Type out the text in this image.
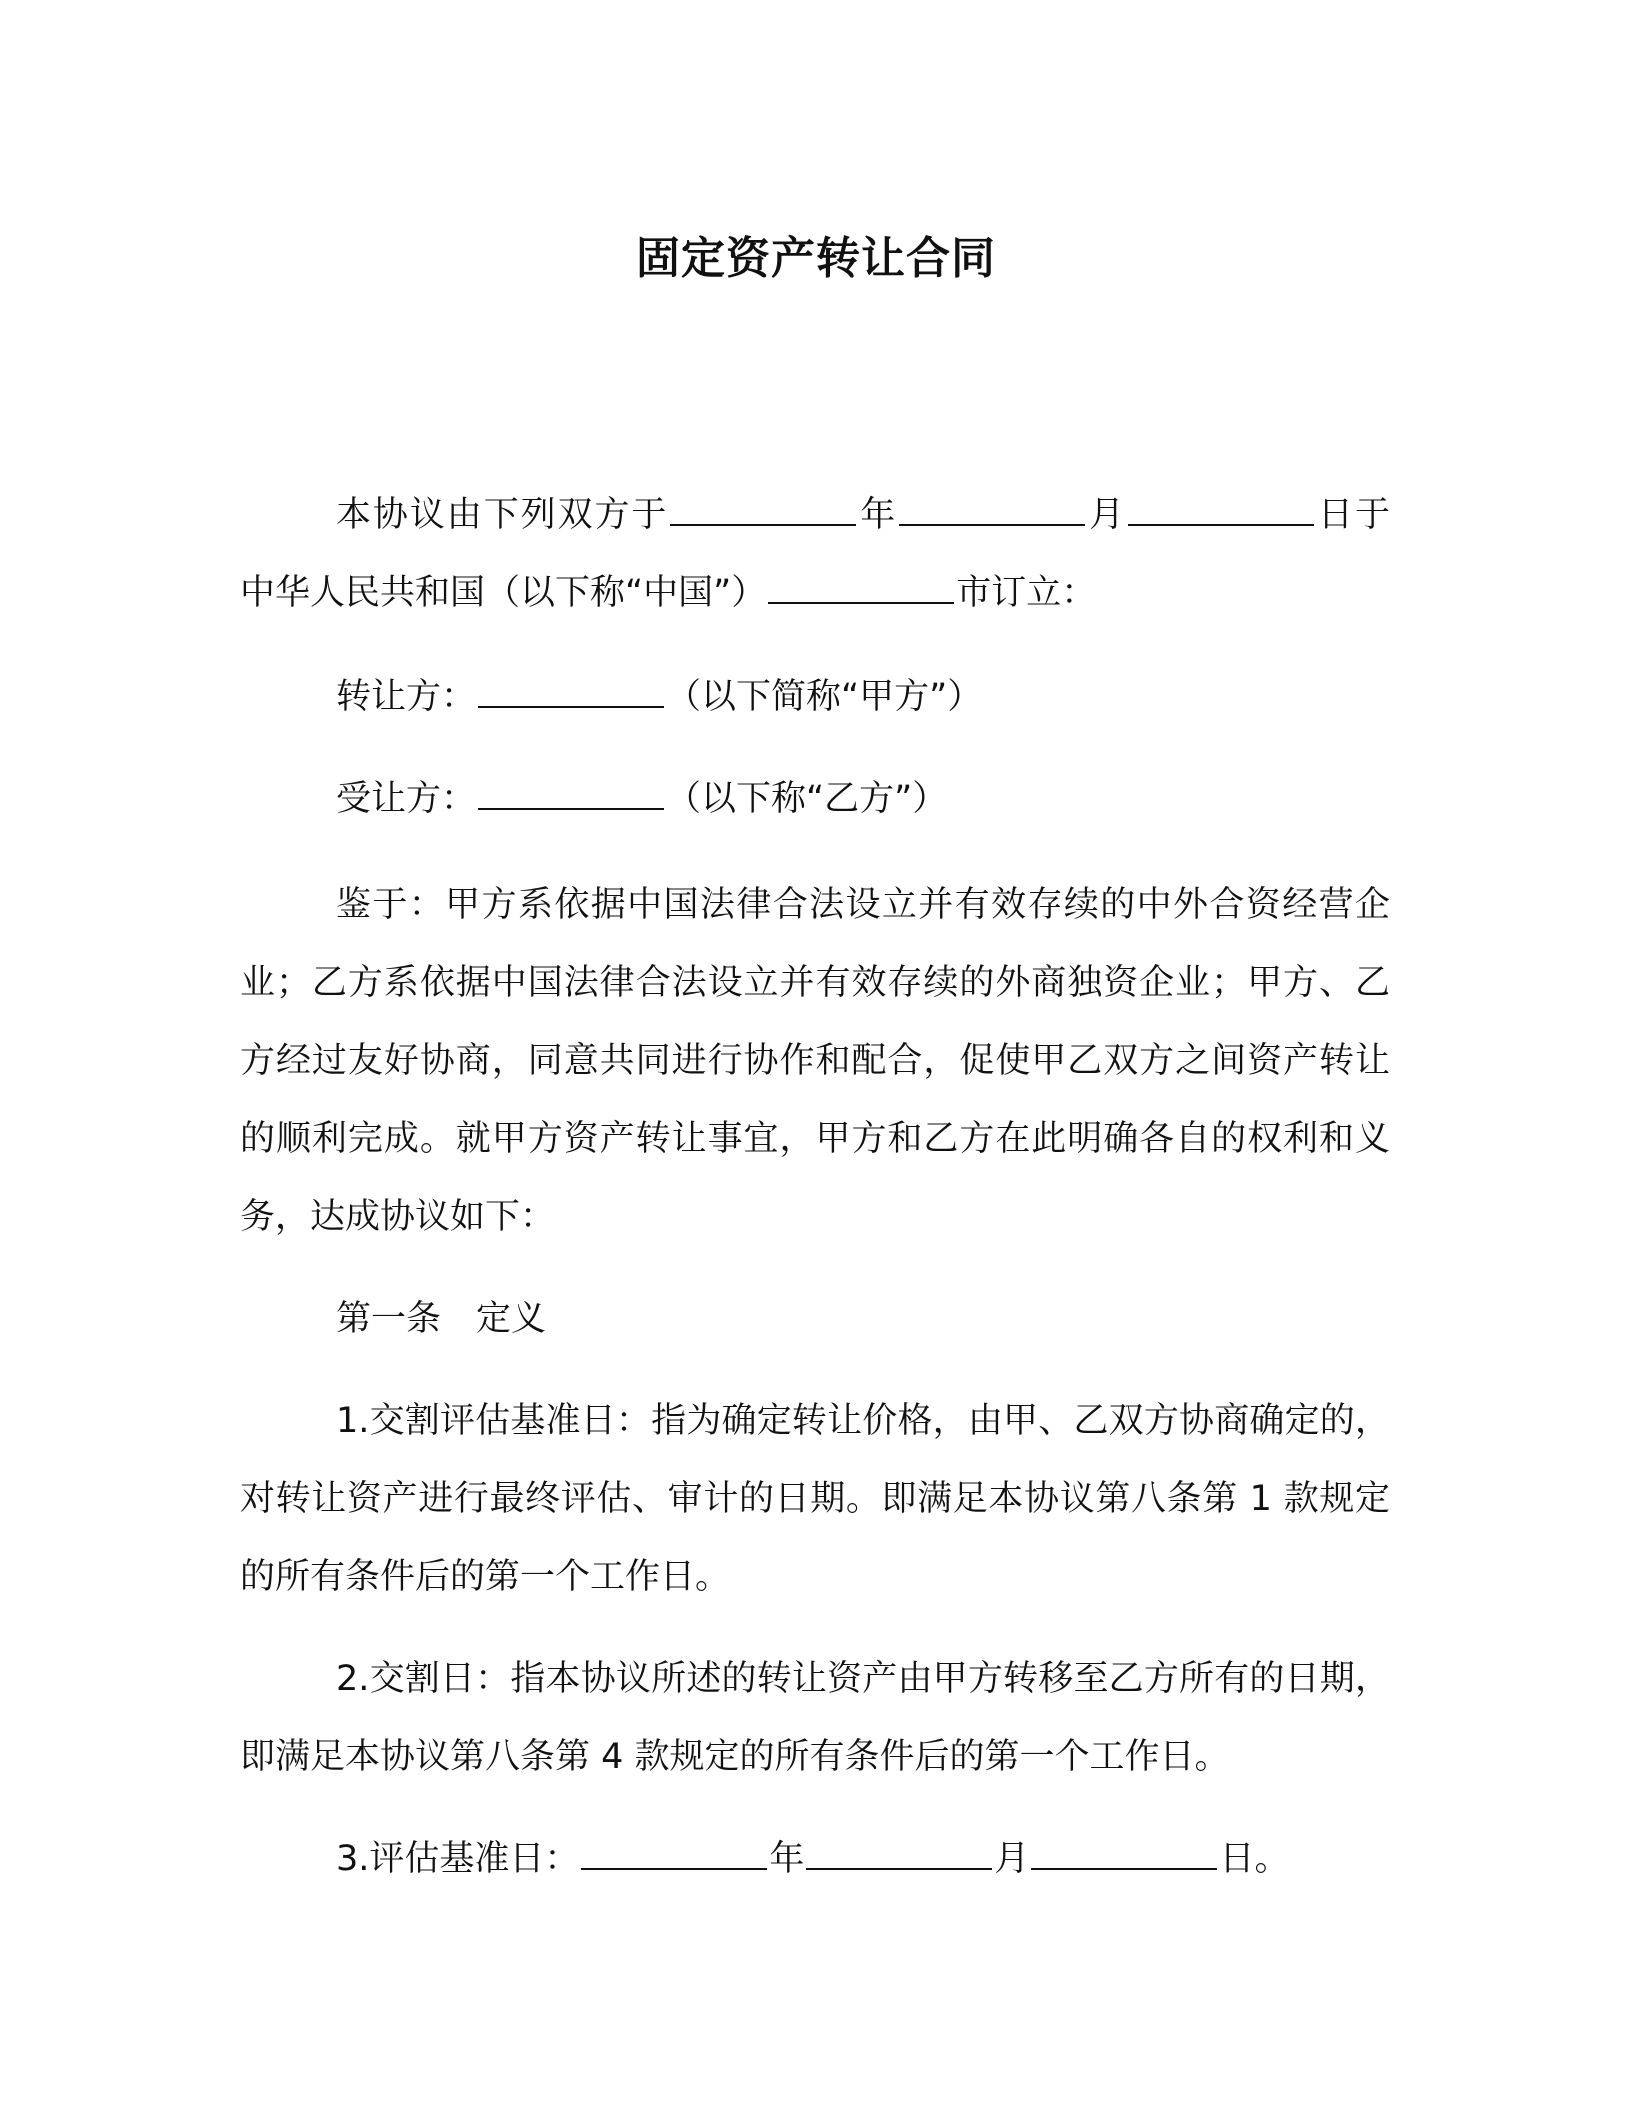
固定资产转让合同
本协议由下列双方于	年	月	日于中华人民共和国（以下称“中国”）	市订立：
转让方：	（以下简称“甲方”）
受让方：	（以下称“乙方”）
鉴于：甲方系依据中国法律合法设立并有效存续的中外合资经营企业；乙方系依据中国法律合法设立并有效存续的外商独资企业；甲方、乙方经过友好协商，同意共同进行协作和配合，促使甲乙双方之间资产转让的顺利完成。就甲方资产转让事宜，甲方和乙方在此明确各自的权利和义务，达成协议如下：
第一条　定义
1.交割评估基准日：指为确定转让价格，由甲、乙双方协商确定的，对转让资产进行最终评估、审计的日期。即满足本协议第八条第 1 款规定的所有条件后的第一个工作日。
2.交割日：指本协议所述的转让资产由甲方转移至乙方所有的日期，即满足本协议第八条第 4 款规定的所有条件后的第一个工作日。
3.评估基准日：	年	月	日。
